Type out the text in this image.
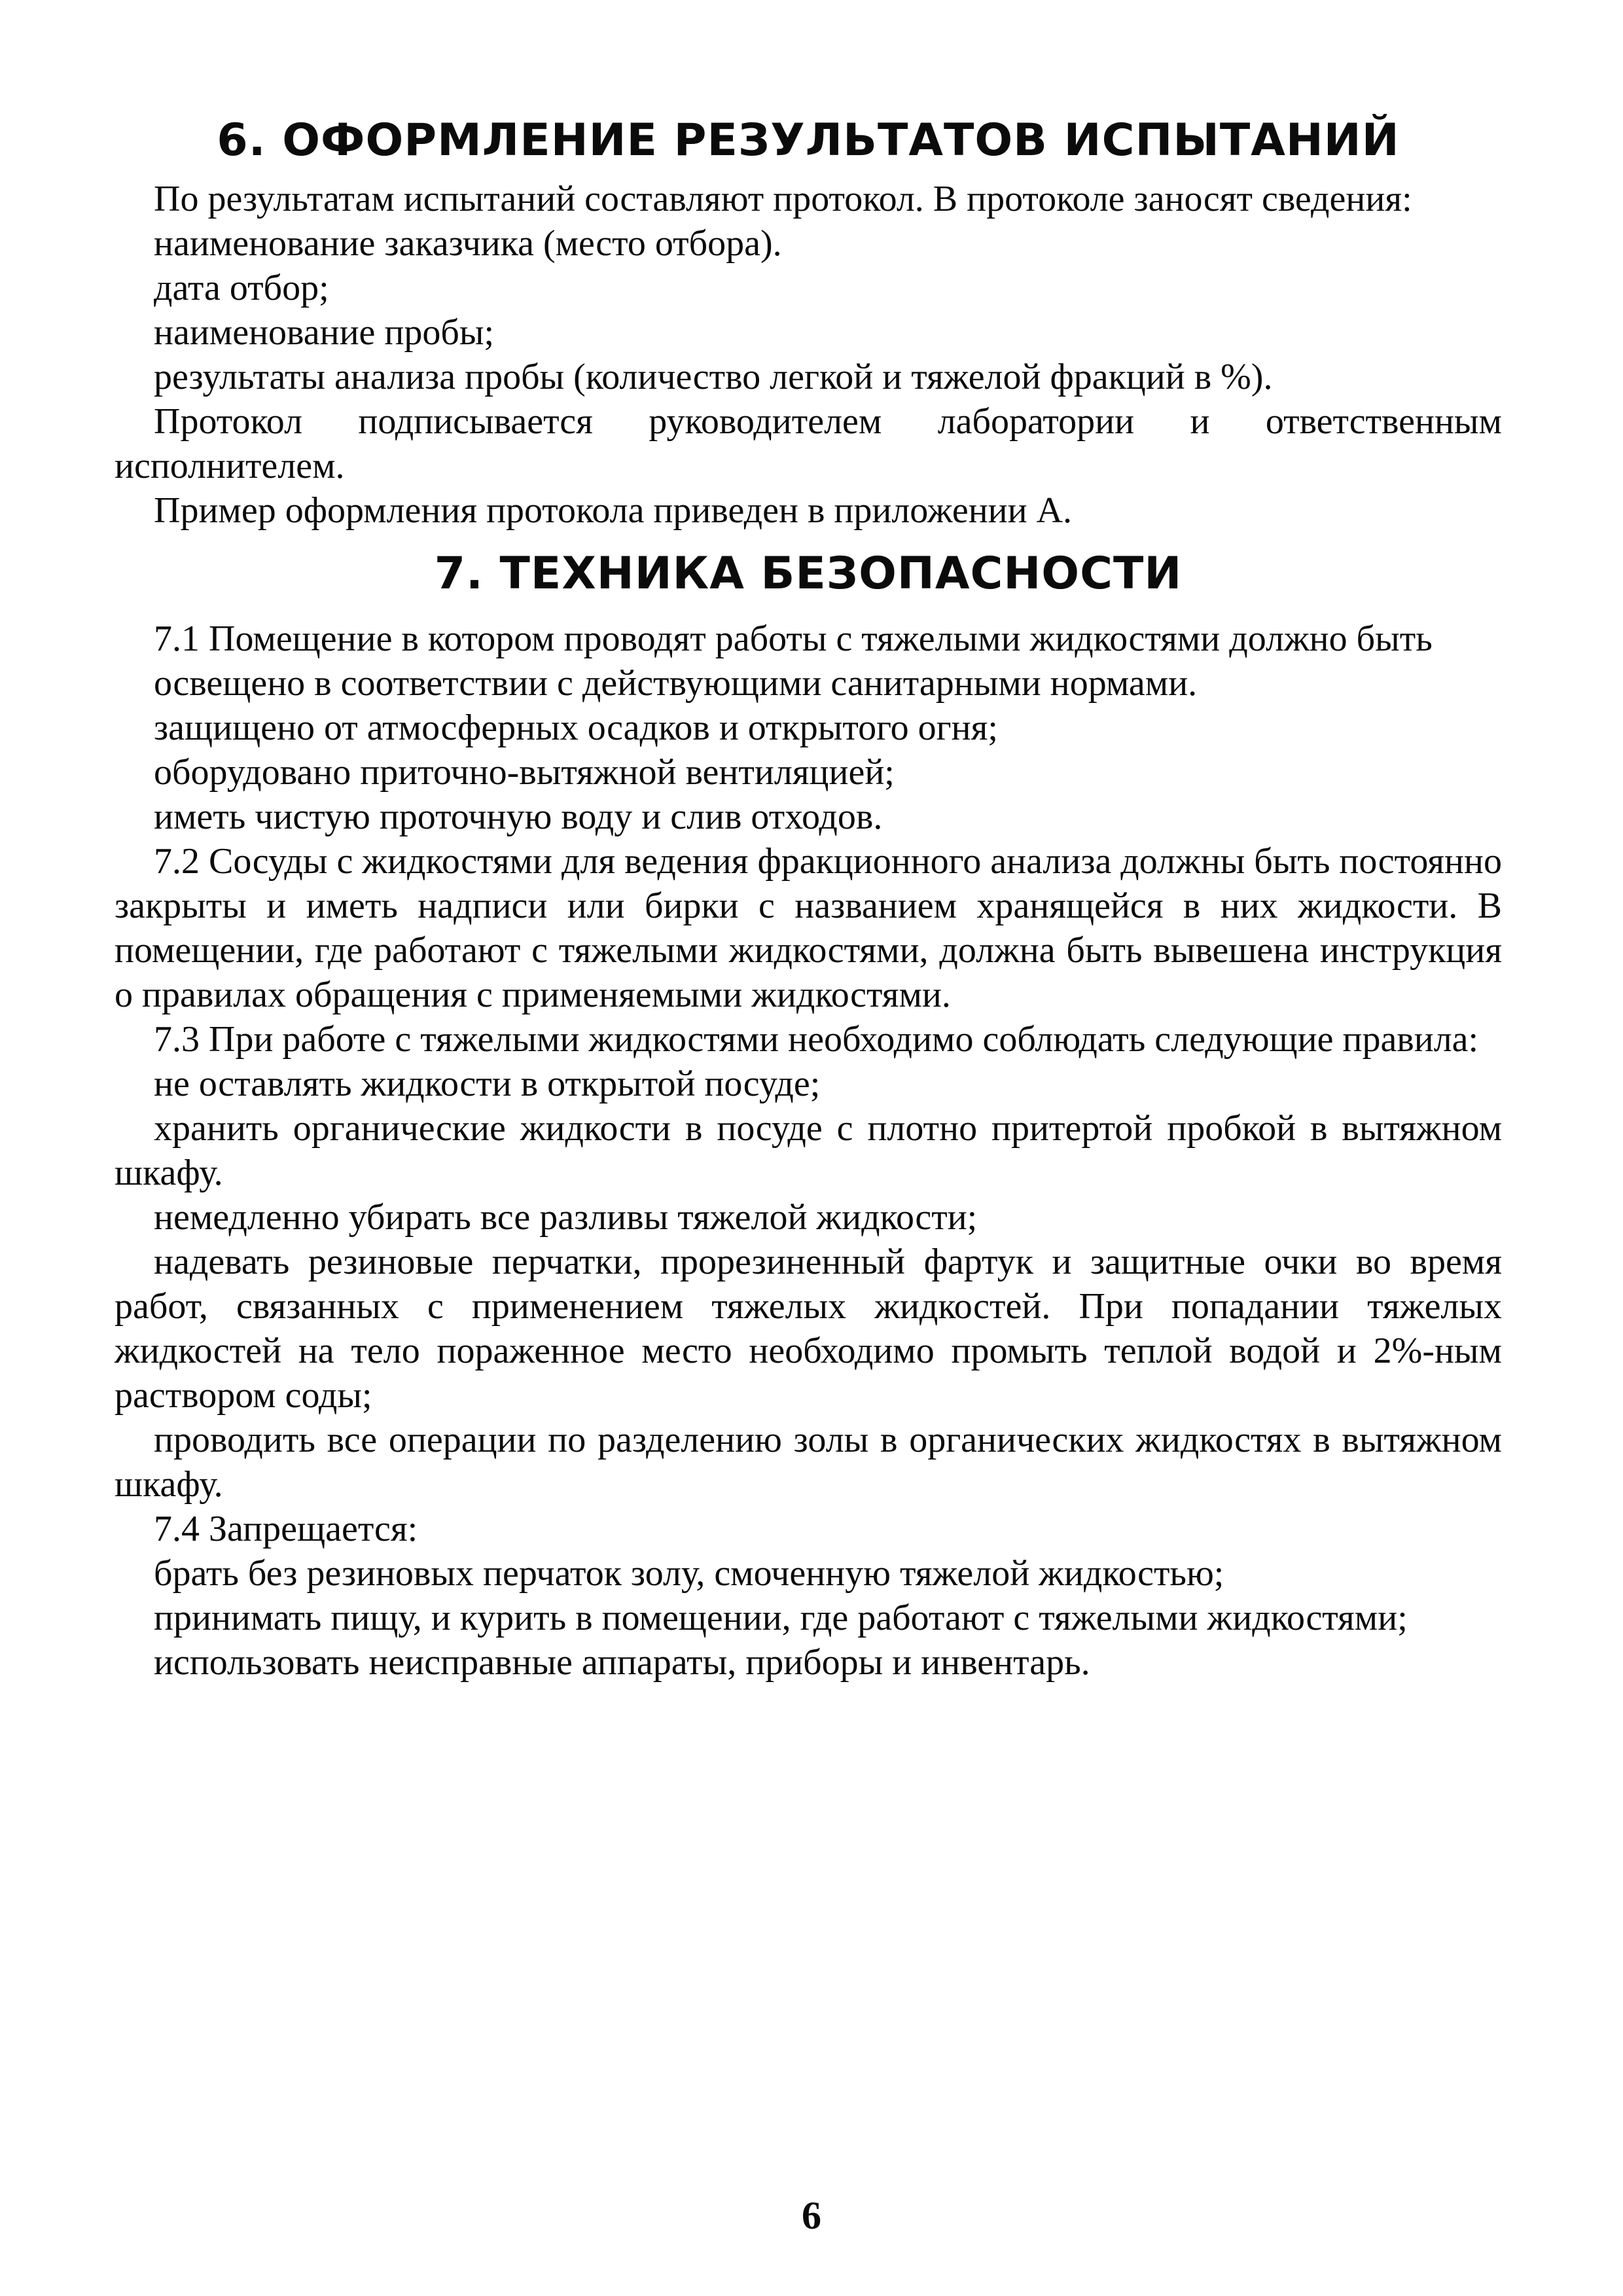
6. ОФОРМЛЕНИЕ РЕЗУЛЬТАТОВ ИСПЫТАНИЙ

По результатам испытаний составляют протокол. В протоколе заносят сведения:

наименование заказчика (место отбора).

дата отбор;

наименование пробы;

результаты анализа пробы (количество легкой и тяжелой фракций в %).

Протокол подписывается руководителем лаборатории и ответственным исполнителем.

Пример оформления протокола приведен в приложении А.

7. ТЕХНИКА БЕЗОПАСНОСТИ

7.1 Помещение в котором проводят работы с тяжелыми жидкостями должно быть

освещено в соответствии с действующими санитарными нормами.

защищено от атмосферных осадков и открытого огня;

оборудовано приточно-вытяжной вентиляцией;

иметь чистую проточную воду и слив отходов.

7.2 Сосуды с жидкостями для ведения фракционного анализа должны быть постоянно закрыты и иметь надписи или бирки с названием хранящейся в них жидкости. В помещении, где работают с тяжелыми жидкостями, должна быть вывешена инструкция о правилах обращения с применяемыми жидкостями.

7.3 При работе с тяжелыми жидкостями необходимо соблюдать следующие правила:

не оставлять жидкости в открытой посуде;

хранить органические жидкости в посуде с плотно притертой пробкой в вытяжном шкафу.

немедленно убирать все разливы тяжелой жидкости;

надевать резиновые перчатки, прорезиненный фартук и защитные очки во время работ, связанных с применением тяжелых жидкостей. При попадании тяжелых жидкостей на тело пораженное место необходимо промыть теплой водой и 2%-ным раствором соды;

проводить все операции по разделению золы в органических жидкостях в вытяжном шкафу.

7.4 Запрещается:

брать без резиновых перчаток золу, смоченную тяжелой жидкостью;

принимать пищу, и курить в помещении, где работают с тяжелыми жидкостями;

использовать неисправные аппараты, приборы и инвентарь.

6
